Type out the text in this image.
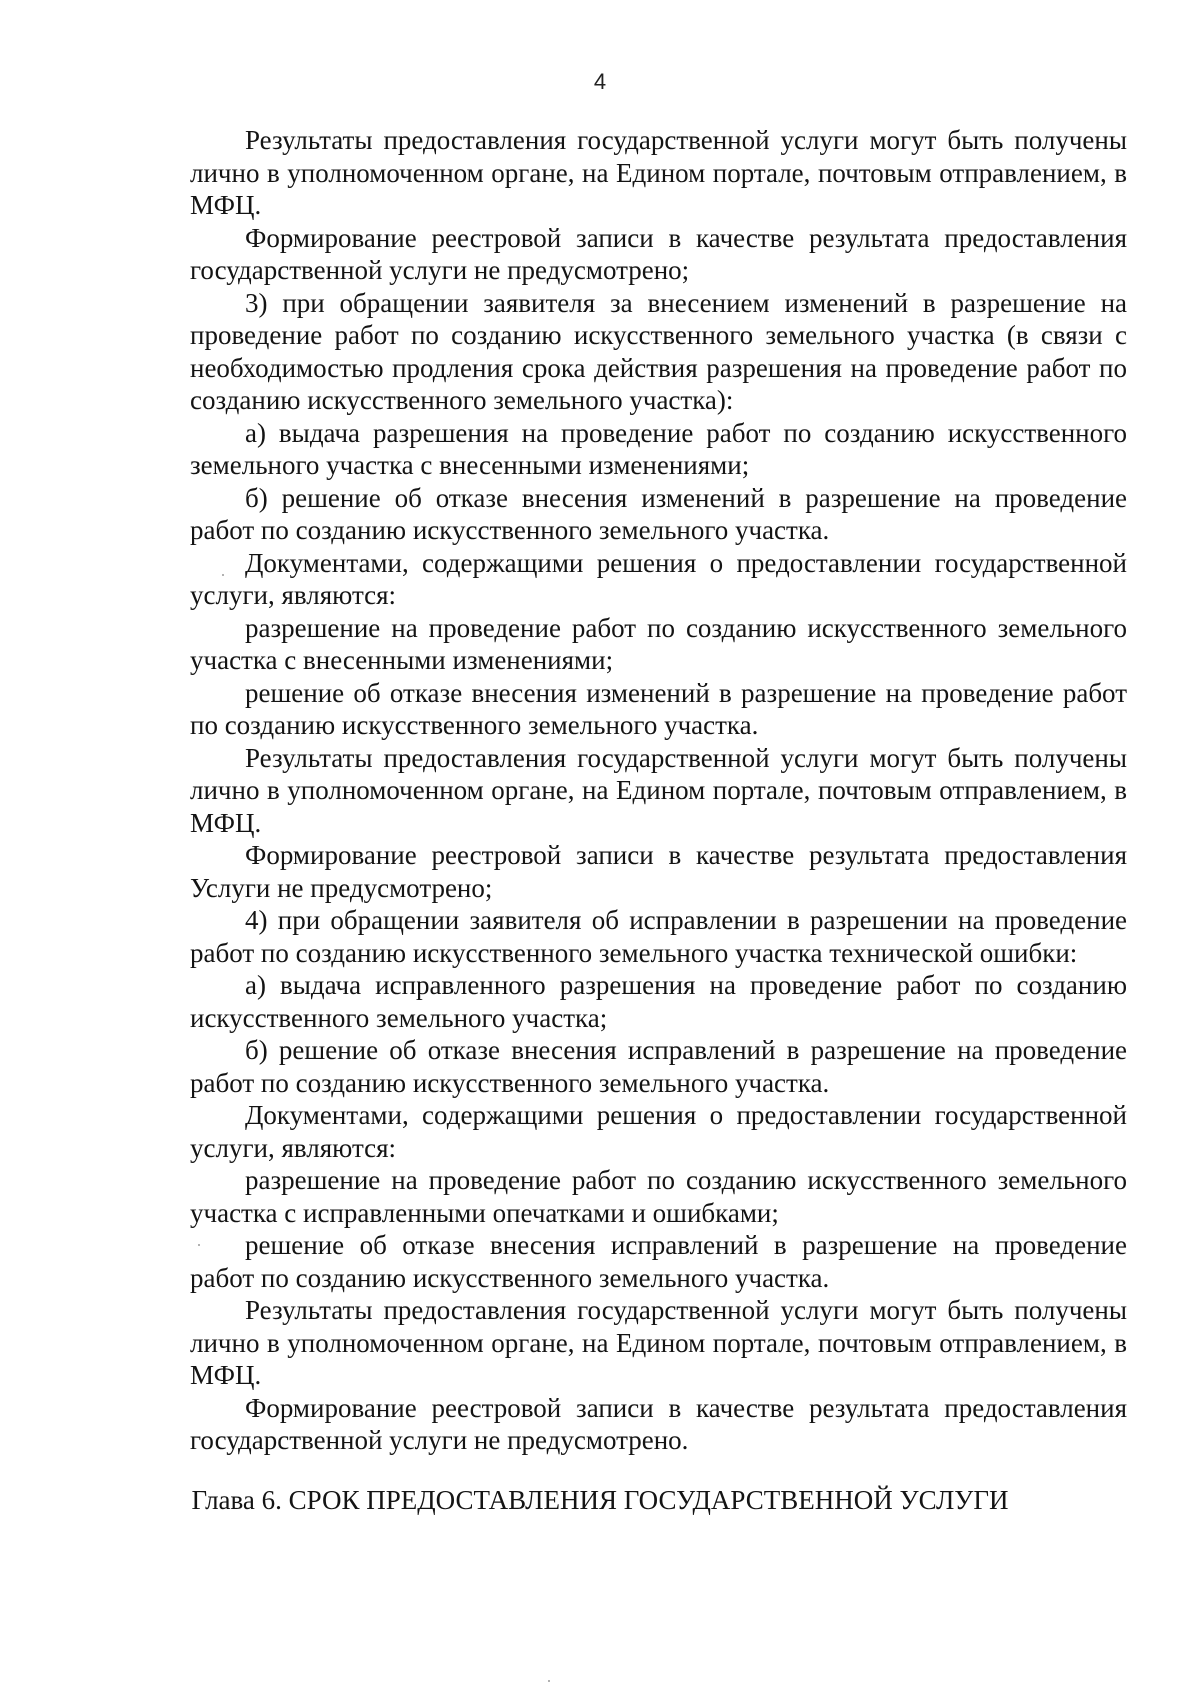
4

Результаты предоставления государственной услуги могут быть получены лично в уполномоченном органе, на Едином портале, почтовым отправлением, в МФЦ.

Формирование реестровой записи в качестве результата предоставления государственной услуги не предусмотрено;

3) при обращении заявителя за внесением изменений в разрешение на проведение работ по созданию искусственного земельного участка (в связи с необходимостью продления срока действия разрешения на проведение работ по созданию искусственного земельного участка):

а) выдача разрешения на проведение работ по созданию искусственного земельного участка с внесенными изменениями;

б) решение об отказе внесения изменений в разрешение на проведение работ по созданию искусственного земельного участка.

Документами, содержащими решения о предоставлении государственной услуги, являются:

разрешение на проведение работ по созданию искусственного земельного участка с внесенными изменениями;

решение об отказе внесения изменений в разрешение на проведение работ по созданию искусственного земельного участка.

Результаты предоставления государственной услуги могут быть получены лично в уполномоченном органе, на Едином портале, почтовым отправлением, в МФЦ.

Формирование реестровой записи в качестве результата предоставления Услуги не предусмотрено;

4) при обращении заявителя об исправлении в разрешении на проведение работ по созданию искусственного земельного участка технической ошибки:

а) выдача исправленного разрешения на проведение работ по созданию искусственного земельного участка;

б) решение об отказе внесения исправлений в разрешение на проведение работ по созданию искусственного земельного участка.

Документами, содержащими решения о предоставлении государственной услуги, являются:

разрешение на проведение работ по созданию искусственного земельного участка с исправленными опечатками и ошибками;

решение об отказе внесения исправлений в разрешение на проведение работ по созданию искусственного земельного участка.

Результаты предоставления государственной услуги могут быть получены лично в уполномоченном органе, на Едином портале, почтовым отправлением, в МФЦ.

Формирование реестровой записи в качестве результата предоставления государственной услуги не предусмотрено.

Глава 6. СРОК ПРЕДОСТАВЛЕНИЯ ГОСУДАРСТВЕННОЙ УСЛУГИ
